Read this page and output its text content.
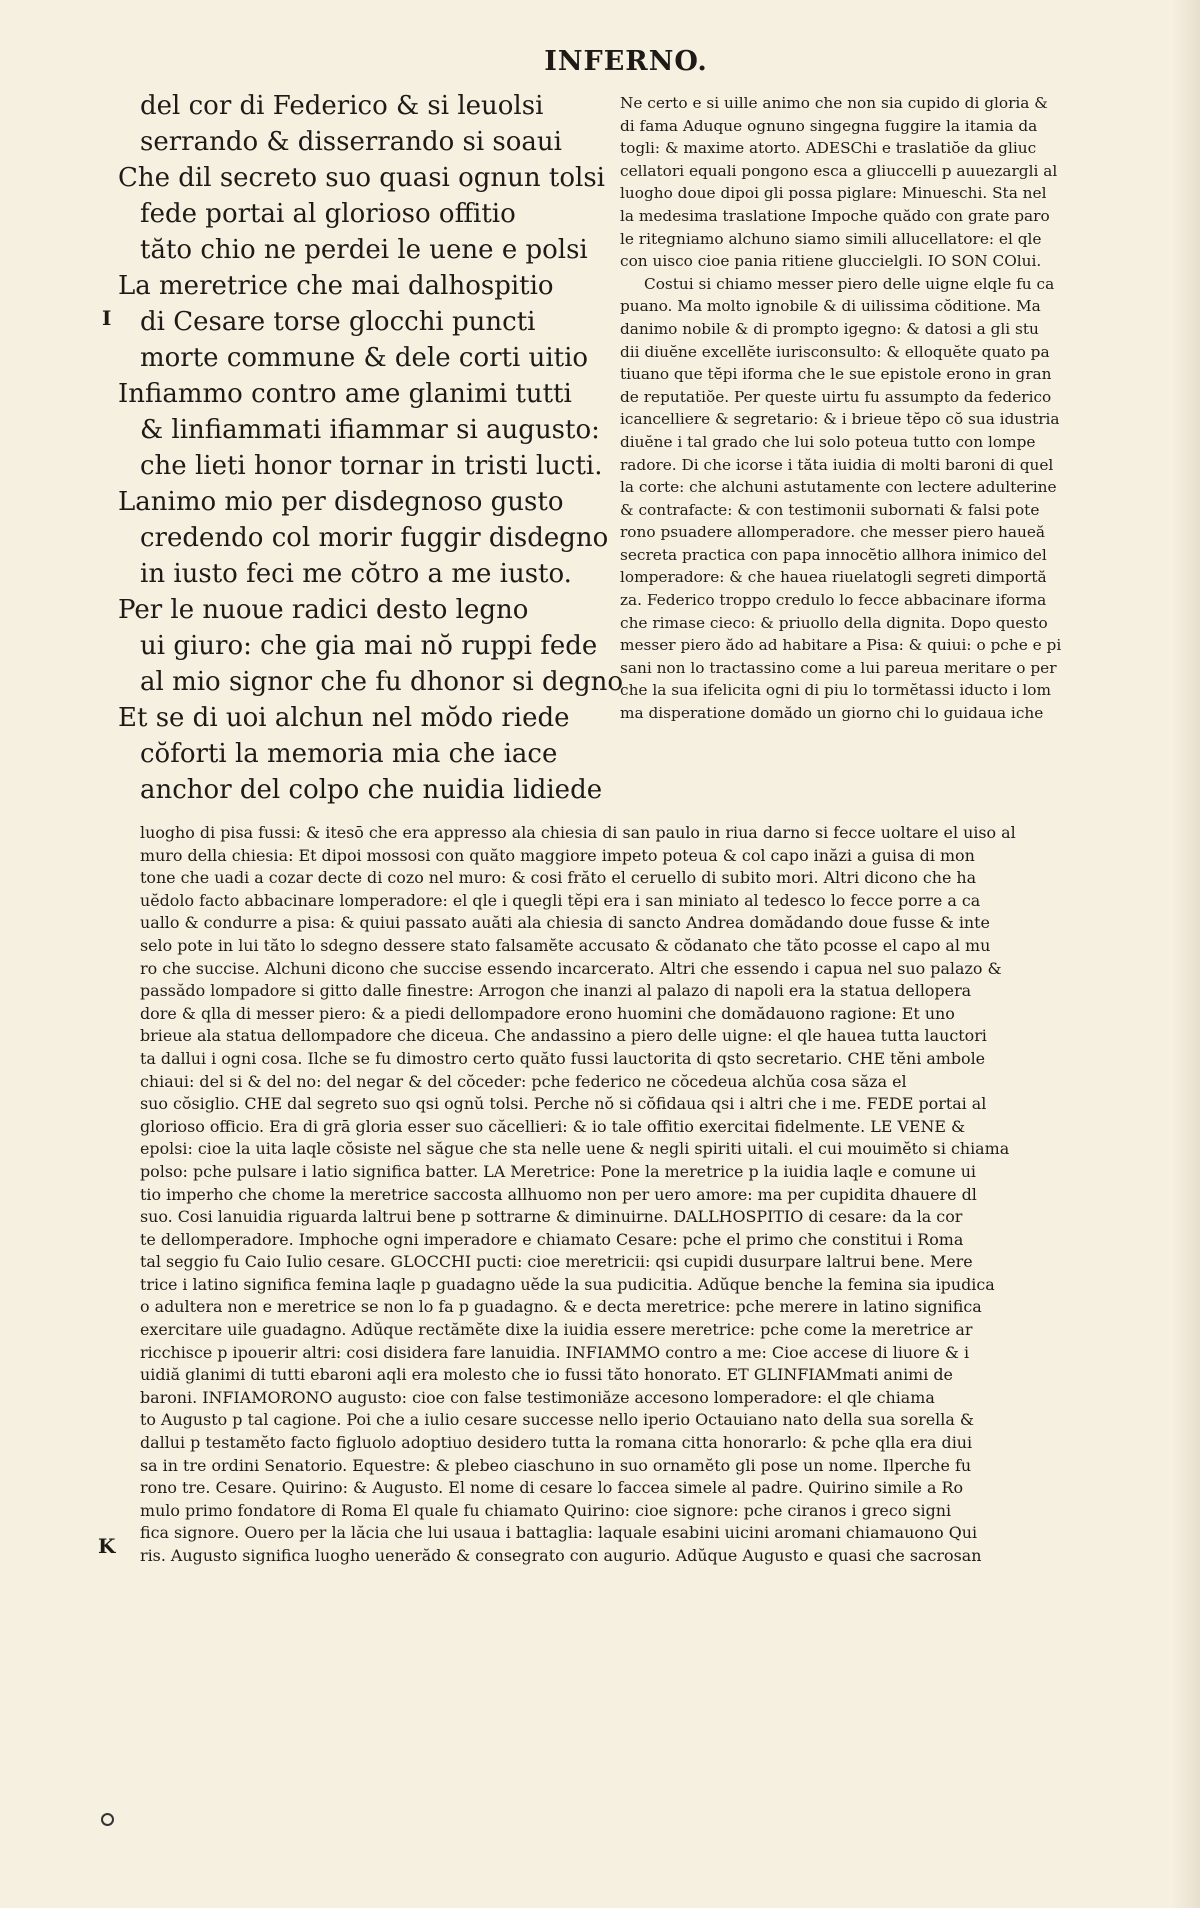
INFERNO.
I
K
del cor di Federico & si leuolsi
serrando & disserrando si soaui
Che dil secreto suo quasi ognun tolsi
fede portai al glorioso offitio
tăto chio ne perdei le uene e polsi
La meretrice che mai dalhospitio
di Cesare torse glocchi puncti
morte commune & dele corti uitio
Infiammo contro ame glanimi tutti
& linfiammati ifiammar si augusto:
che lieti honor tornar in tristi lucti.
Lanimo mio per disdegnoso gusto
credendo col morir fuggir disdegno
in iusto feci me cŏtro a me iusto.
Per le nuoue radici desto legno
ui giuro: che gia mai nŏ ruppi fede
al mio signor che fu dhonor si degno
Et se di uoi alchun nel mŏdo riede
cŏforti la memoria mia che iace
anchor del colpo che nuidia lidiede
Ne certo e si uille animo che non sia cupido di gloria &
di fama Aduque ognuno singegna fuggire la itamia da
togli: & maxime atorto. ADESChi e traslatiŏe da gliuc
cellatori equali pongono esca a gliuccelli p auuezargli al
luogho doue dipoi gli possa piglare: Minueschi. Sta nel
la medesima traslatione Impoche quădo con grate paro
le ritegniamo alchuno siamo simili allucellatore: el qle
con uisco cioe pania ritiene gluccielgli. IO SON COlui.
Costui si chiamo messer piero delle uigne elqle fu ca
puano. Ma molto ignobile & di uilissima cŏditione. Ma
danimo nobile & di prompto igegno: & datosi a gli stu
dii diuĕne excellĕte iurisconsulto: & elloquĕte quato pa
tiuano que tĕpi iforma che le sue epistole erono in gran
de reputatiŏe. Per queste uirtu fu assumpto da federico
icancelliere & segretario: & i brieue tĕpo cŏ sua idustria
diuĕne i tal grado che lui solo poteua tutto con lompe
radore. Di che icorse i tăta iuidia di molti baroni di quel
la corte: che alchuni astutamente con lectere adulterine
& contrafacte: & con testimonii subornati & falsi pote
rono psuadere allomperadore. che messer piero haueă
secreta practica con papa innocĕtio allhora inimico del
lomperadore: & che hauea riuelatogli segreti dimportă
za. Federico troppo credulo lo fecce abbacinare iforma
che rimase cieco: & priuollo della dignita. Dopo questo
messer piero ădo ad habitare a Pisa: & quiui: o pche e pi
sani non lo tractassino come a lui pareua meritare o per
che la sua ifelicita ogni di piu lo tormĕtassi iducto i lom
ma disperatione domădo un giorno chi lo guidaua iche
luogho di pisa fussi: & itesō che era appresso ala chiesia di san paulo in riua darno si fecce uoltare el uiso al
muro della chiesia: Et dipoi mossosi con quăto maggiore impeto poteua & col capo inăzi a guisa di mon
tone che uadi a cozar decte di cozo nel muro: & cosi frăto el ceruello di subito mori. Altri dicono che ha
uĕdolo facto abbacinare lomperadore: el qle i quegli tĕpi era i san miniato al tedesco lo fecce porre a ca
uallo & condurre a pisa: & quiui passato auăti ala chiesia di sancto Andrea domădando doue fusse & inte
selo pote in lui tăto lo sdegno dessere stato falsamĕte accusato & cŏdanato che tăto pcosse el capo al mu
ro che succise. Alchuni dicono che succise essendo incarcerato. Altri che essendo i capua nel suo palazo &
passădo lompadore si gitto dalle finestre: Arrogon che inanzi al palazo di napoli era la statua dellopera
dore & qlla di messer piero: & a piedi dellompadore erono huomini che domădauono ragione: Et uno
brieue ala statua dellompadore che diceua. Che andassino a piero delle uigne: el qle hauea tutta lauctori
ta dallui i ogni cosa. Ilche se fu dimostro certo quăto fussi lauctorita di qsto secretario. CHE tĕni ambole
chiaui: del si & del no: del negar & del cŏceder: pche federico ne cŏcedeua alchŭa cosa săza el
suo cŏsiglio. CHE dal segreto suo qsi ognŭ tolsi. Perche nŏ si cŏfidaua qsi i altri che i me. FEDE portai al
glorioso officio. Era di grā gloria esser suo căcellieri: & io tale offitio exercitai fidelmente. LE VENE &
epolsi: cioe la uita laqle cŏsiste nel săgue che sta nelle uene & negli spiriti uitali. el cui mouimĕto si chiama
polso: pche pulsare i latio significa batter. LA Meretrice: Pone la meretrice p la iuidia laqle e comune ui
tio imperho che chome la meretrice saccosta allhuomo non per uero amore: ma per cupidita dhauere dl
suo. Cosi lanuidia riguarda laltrui bene p sottrarne & diminuirne. DALLHOSPITIO di cesare: da la cor
te dellomperadore. Imphoche ogni imperadore e chiamato Cesare: pche el primo che constitui i Roma
tal seggio fu Caio Iulio cesare. GLOCCHI pucti: cioe meretricii: qsi cupidi dusurpare laltrui bene. Mere
trice i latino significa femina laqle p guadagno uĕde la sua pudicitia. Adŭque benche la femina sia ipudica
o adultera non e meretrice se non lo fa p guadagno. & e decta meretrice: pche merere in latino significa
exercitare uile guadagno. Adŭque rectămĕte dixe la iuidia essere meretrice: pche come la meretrice ar
ricchisce p ipouerir altri: cosi disidera fare lanuidia. INFIAMMO contro a me: Cioe accese di liuore & i
uidiă glanimi di tutti ebaroni aqli era molesto che io fussi tăto honorato. ET GLINFIAMmati animi de
baroni. INFIAMORONO augusto: cioe con false testimoniăze accesono lomperadore: el qle chiama
to Augusto p tal cagione. Poi che a iulio cesare successe nello iperio Octauiano nato della sua sorella &
dallui p testamĕto facto figluolo adoptiuo desidero tutta la romana citta honorarlo: & pche qlla era diui
sa in tre ordini Senatorio. Equestre: & plebeo ciaschuno in suo ornamĕto gli pose un nome. Ilperche fu
rono tre. Cesare. Quirino: & Augusto. El nome di cesare lo faccea simele al padre. Quirino simile a Ro
mulo primo fondatore di Roma El quale fu chiamato Quirino: cioe signore: pche ciranos i greco signi
fica signore. Ouero per la lăcia che lui usaua i battaglia: laquale esabini uicini aromani chiamauono Qui
ris. Augusto significa luogho uenerădo & consegrato con augurio. Adŭque Augusto e quasi che sacrosan
